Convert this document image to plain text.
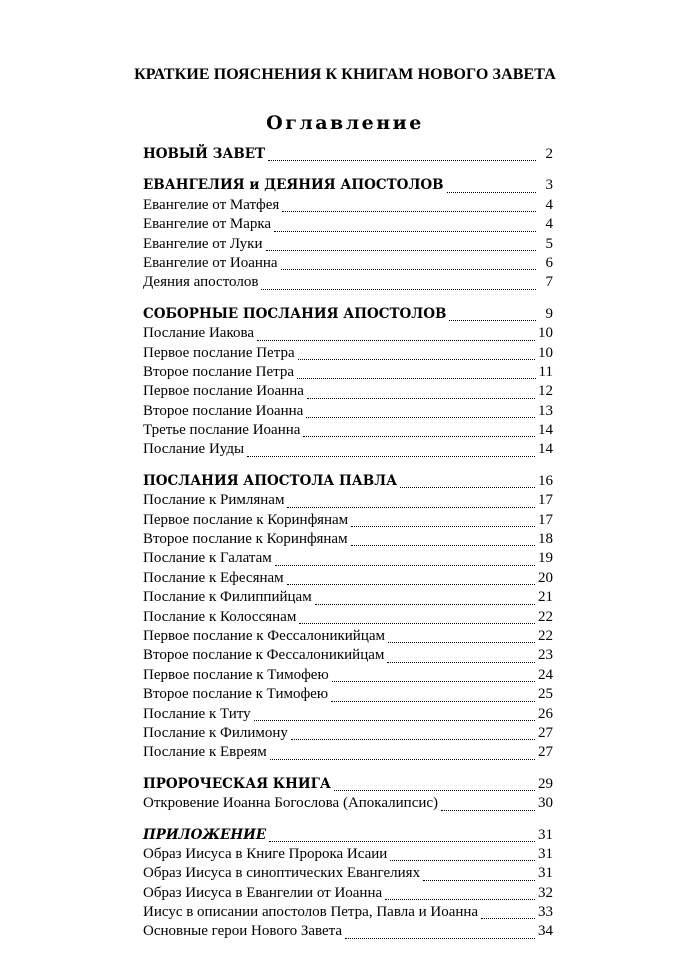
КРАТКИЕ ПОЯСНЕНИЯ К КНИГАМ НОВОГО ЗАВЕТА
Оглавление
НОВЫЙ ЗАВЕТ	2
ЕВАНГЕЛИЯ и ДЕЯНИЯ АПОСТОЛОВ	3
Евангелие от Матфея	4
Евангелие от Марка	4
Евангелие от Луки	5
Евангелие от Иоанна	6
Деяния апостолов	7
СОБОРНЫЕ ПОСЛАНИЯ АПОСТОЛОВ	9
Послание Иакова	10
Первое послание Петра	10
Второе послание Петра	11
Первое послание Иоанна	12
Второе послание Иоанна	13
Третье послание Иоанна	14
Послание Иуды	14
ПОСЛАНИЯ АПОСТОЛА ПАВЛА	16
Послание к Римлянам	17
Первое послание к Коринфянам	17
Второе послание к Коринфянам	18
Послание к Галатам	19
Послание к Ефесянам	20
Послание к Филиппийцам	21
Послание к Колоссянам	22
Первое послание к Фессалоникийцам	22
Второе послание к Фессалоникийцам	23
Первое послание к Тимофею	24
Второе послание к Тимофею	25
Послание к Титу	26
Послание к Филимону	27
Послание к Евреям	27
ПРОРОЧЕСКАЯ КНИГА	29
Откровение Иоанна Богослова (Апокалипсис)	30
ПРИЛОЖЕНИЕ	31
Образ Иисуса в Книге Пророка Исаии	31
Образ Иисуса в синоптических Евангелиях	31
Образ Иисуса в Евангелии от Иоанна	32
Иисус в описании апостолов Петра, Павла и Иоанна	33
Основные герои Нового Завета	34
